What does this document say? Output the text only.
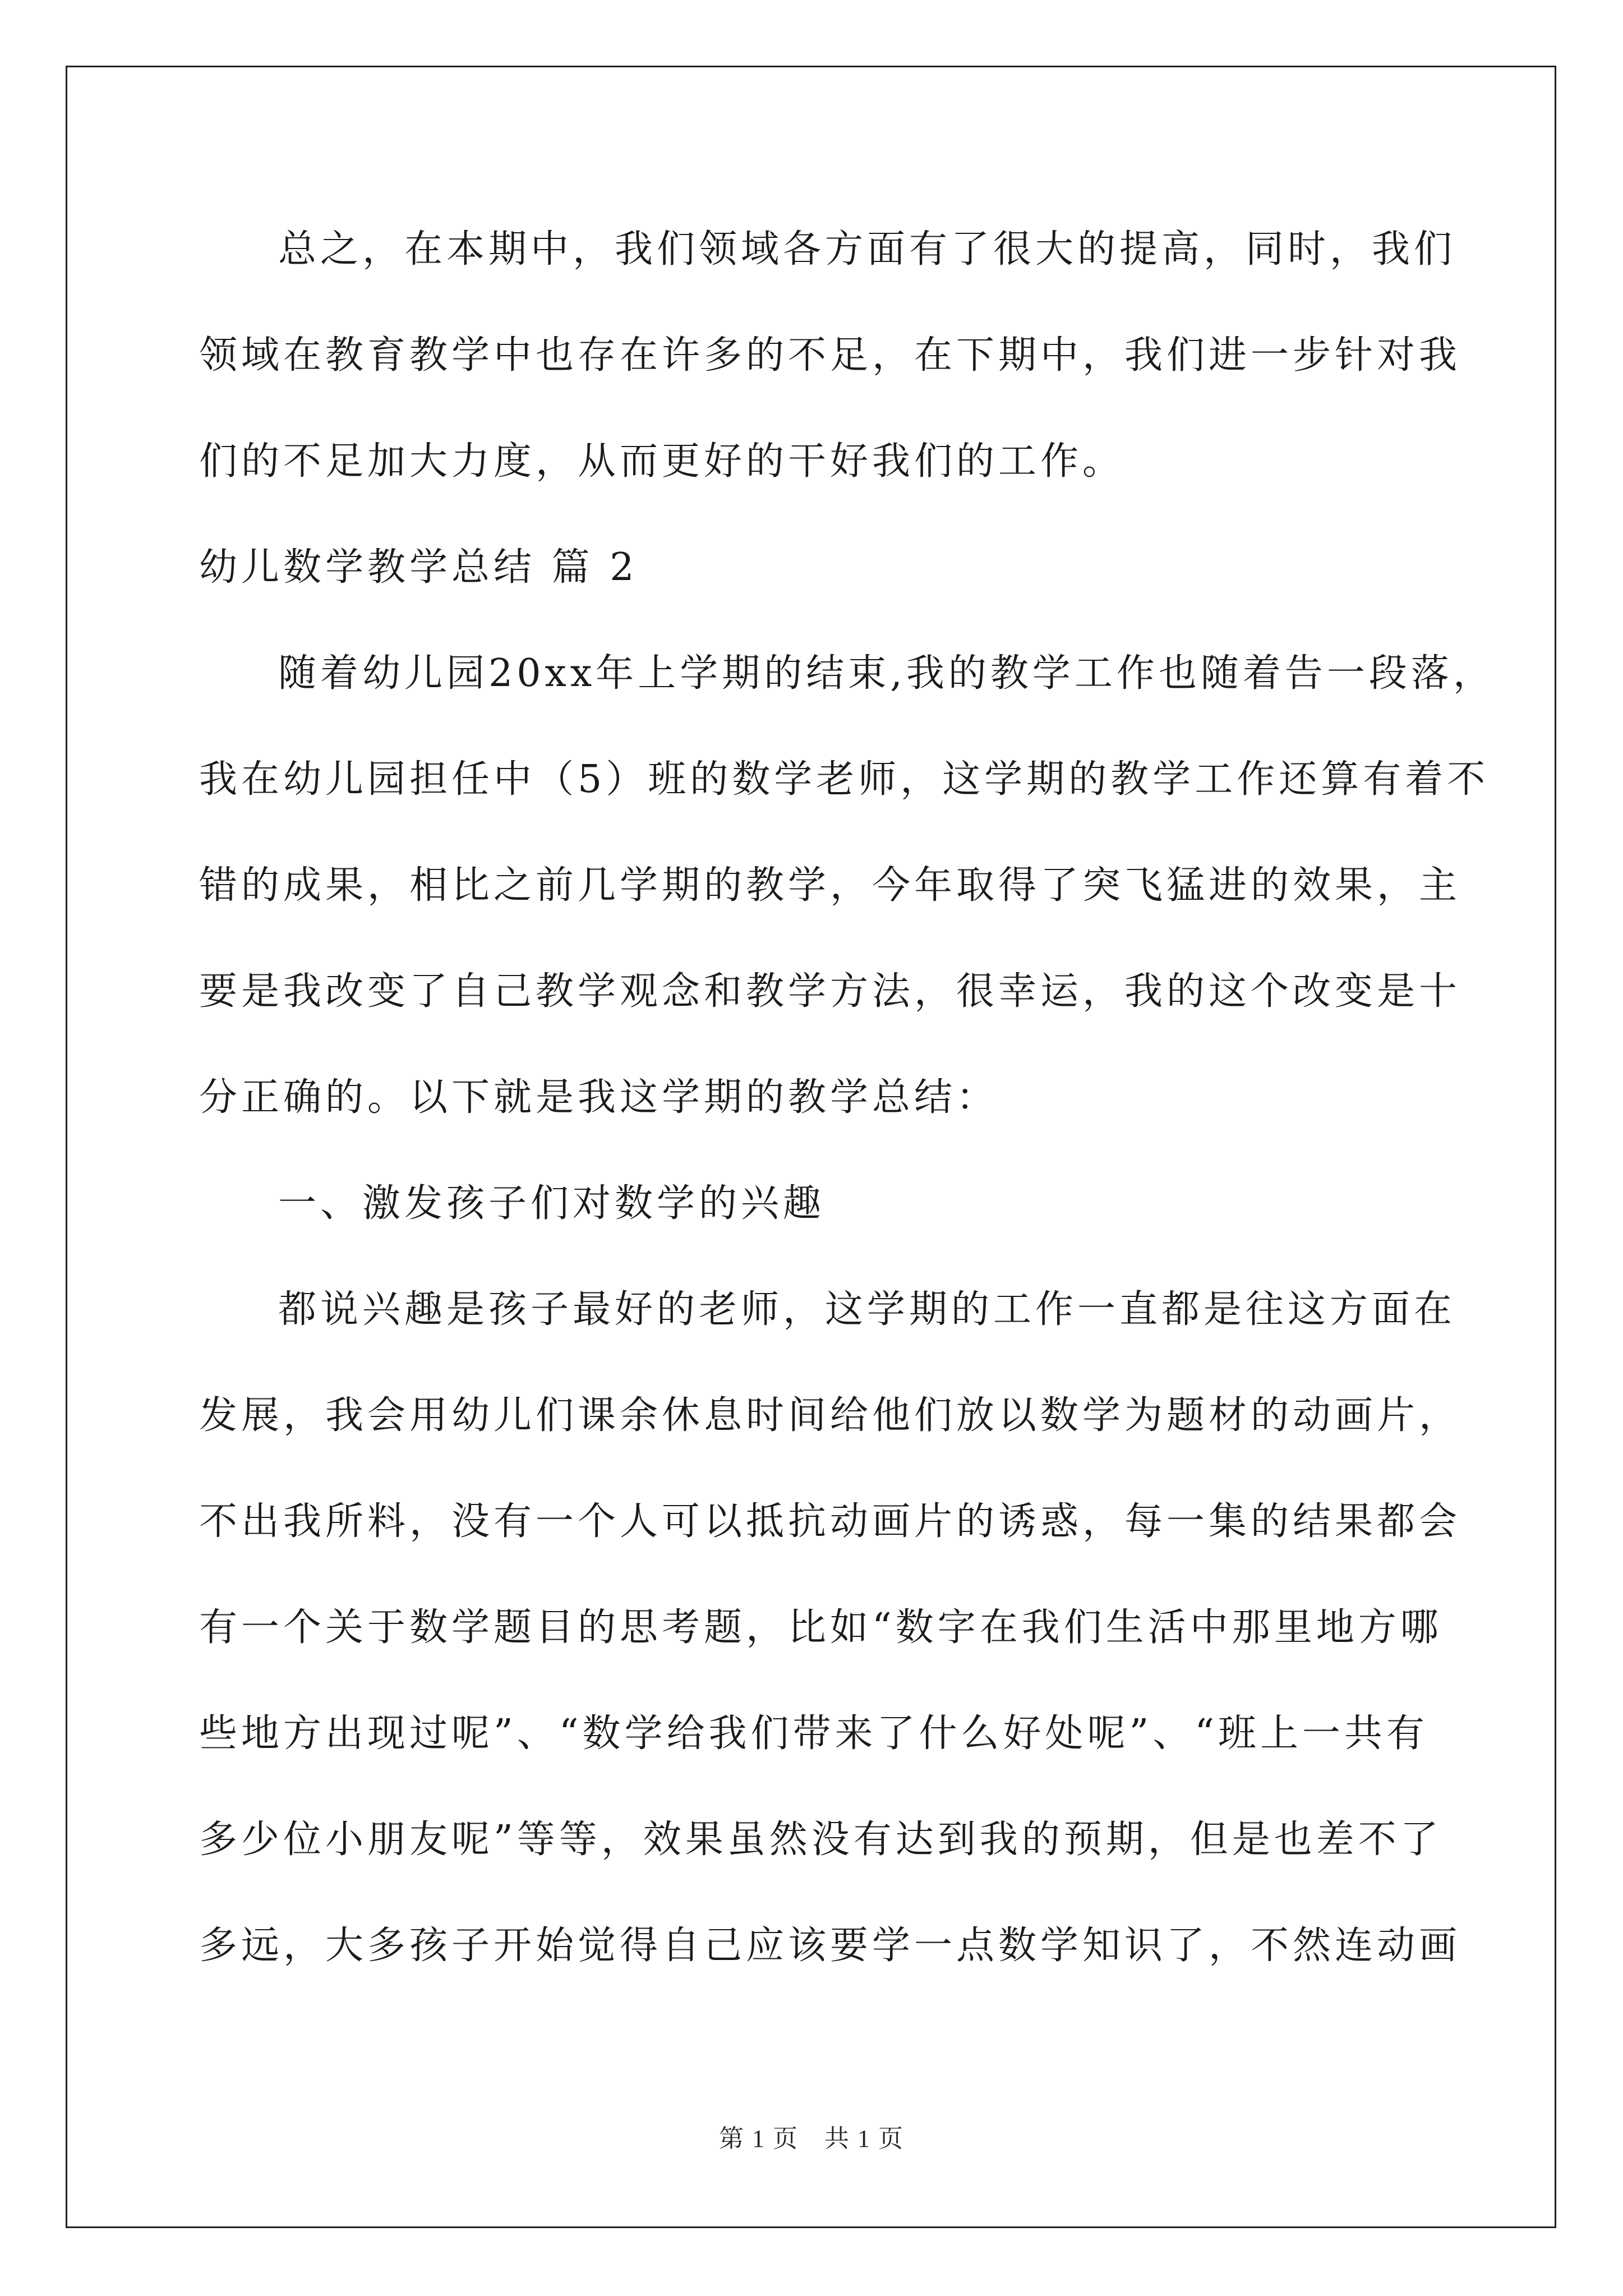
总之，在本期中，我们领域各方面有了很大的提高，同时，我们
领域在教育教学中也存在许多的不足，在下期中，我们进一步针对我
们的不足加大力度，从而更好的干好我们的工作。
幼儿数学教学总结 篇 2
随着幼儿园20xx年上学期的结束,我的教学工作也随着告一段落，
我在幼儿园担任中（5）班的数学老师，这学期的教学工作还算有着不
错的成果，相比之前几学期的教学，今年取得了突飞猛进的效果，主
要是我改变了自己教学观念和教学方法，很幸运，我的这个改变是十
分正确的。以下就是我这学期的教学总结：
一、激发孩子们对数学的兴趣
都说兴趣是孩子最好的老师，这学期的工作一直都是往这方面在
发展，我会用幼儿们课余休息时间给他们放以数学为题材的动画片，
不出我所料，没有一个人可以抵抗动画片的诱惑，每一集的结果都会
有一个关于数学题目的思考题，比如“数字在我们生活中那里地方哪
些地方出现过呢”、“数学给我们带来了什么好处呢”、“班上一共有
多少位小朋友呢”等等，效果虽然没有达到我的预期，但是也差不了
多远，大多孩子开始觉得自己应该要学一点数学知识了，不然连动画
第 1 页　共 1 页
